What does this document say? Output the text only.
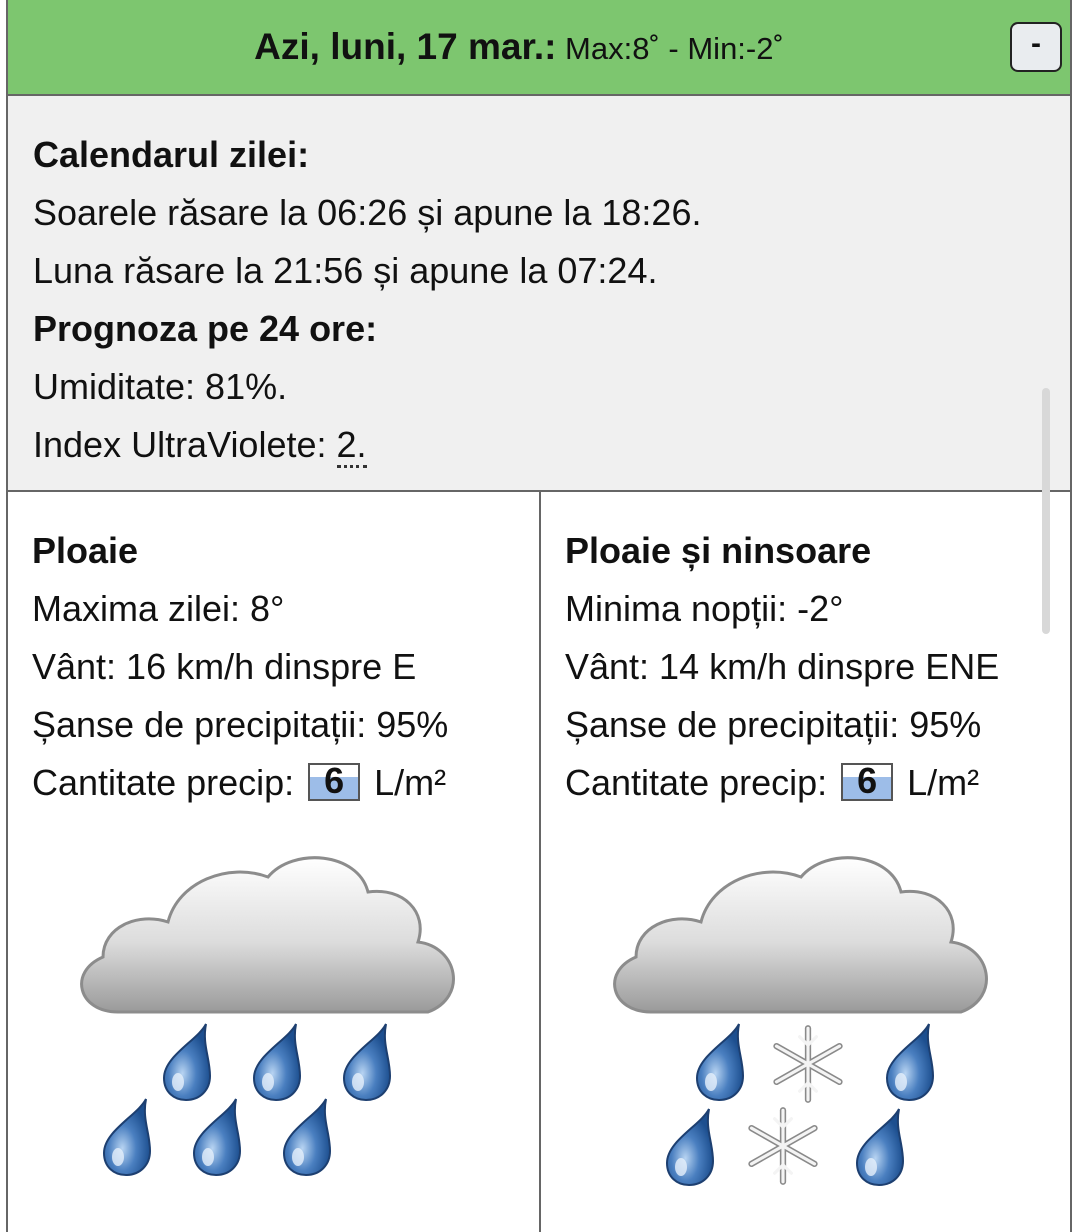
Azi, luni, 17 mar.: Max:8˚ - Min:-2˚	-
Calendarul zilei:
Soarele răsare la 06:26 și apune la 18:26.
Luna răsare la 21:56 și apune la 07:24.
Prognoza pe 24 ore:
Umiditate: 81%.
Index UltraViolete: 2.
Ploaie
Maxima zilei: 8°
Vânt: 16 km/h dinspre E
Șanse de precipitații: 95%
Cantitate precip: 6 L/m²
Ploaie și ninsoare
Minima nopții: -2°
Vânt: 14 km/h dinspre ENE
Șanse de precipitații: 95%
Cantitate precip: 6 L/m²
